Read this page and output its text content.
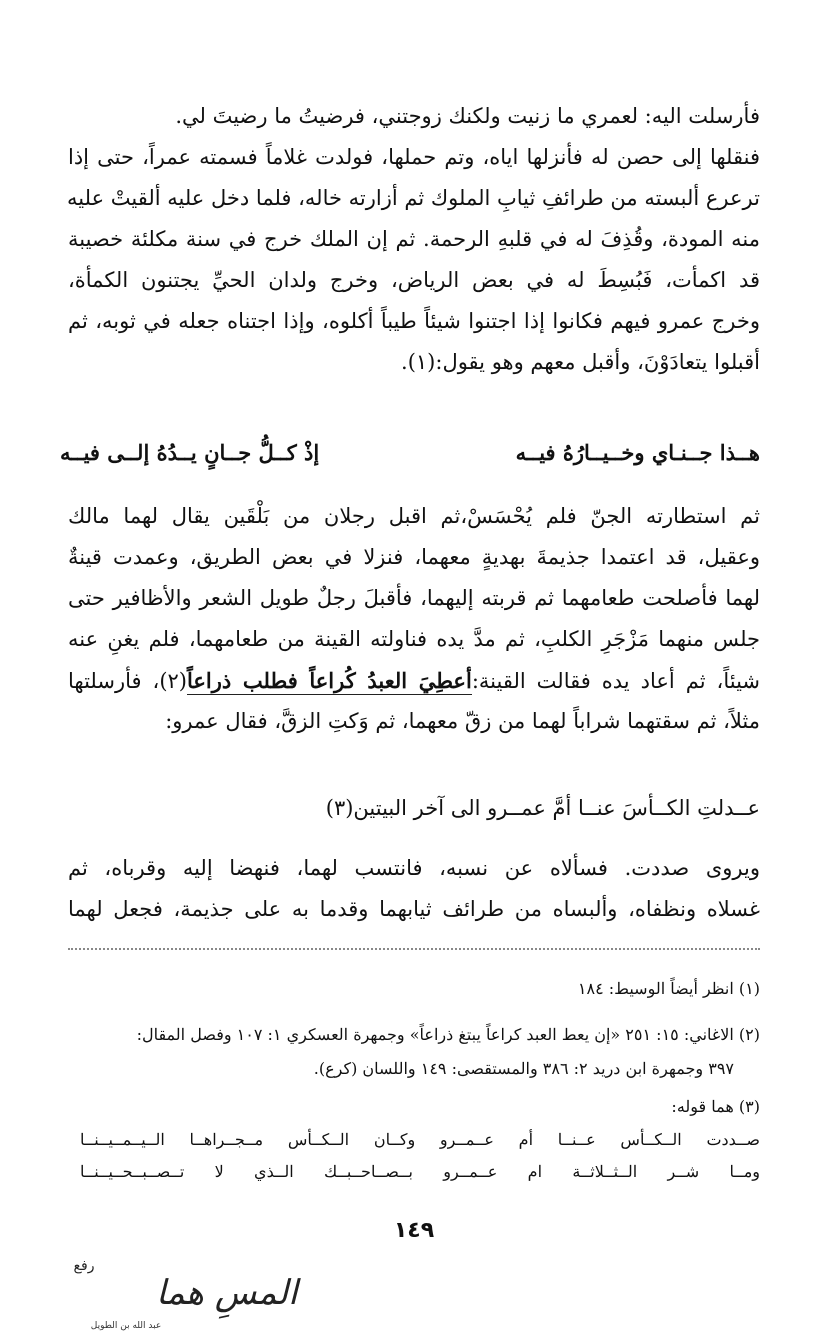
فأرسلت اليه: لعمري ما زنيت ولكنك زوجتني، فرضيتُ ما رضيتَ لي.
فنقلها إلى حصن له فأنزلها اياه، وتم حملها، فولدت غلاماً فسمته عمراً، حتى إذا
ترعرع ألبسته من طرائفِ ثيابِ الملوك ثم أزارته خاله، فلما دخل عليه ألقيتْ عليه
منه المودة، وقُذِفَ له في قلبهِ الرحمة. ثم إن الملك خرج في سنة مكلئة خصيبة
قد اكمأت، فَبُسِطَ له في بعض الرياض، وخرج ولدان الحيِّ يجتنون الكمأة،
وخرج عمرو فيهم فكانوا إذا اجتنوا شيئاً طيباً أكلوه، وإذا اجتناه جعله في ثوبه، ثم
أقبلوا يتعادَوْنَ، وأقبل معهم وهو يقول:(١).
هــذا جــنـاي وخــيــارُهُ فيــه
إذْ كــلُّ جــانٍ يــدُهُ إلــى فيــه
ثم استطارته الجنّ فلم يُحْسَسْ،ثم اقبل رجلان من بَلْقَين يقال لهما مالك
وعقيل، قد اعتمدا جذيمةَ بهديةٍ معهما، فنزلا في بعض الطريق، وعمدت قينةٌ
لهما فأصلحت طعامهما ثم قربته إليهما، فأقبلَ رجلٌ طويل الشعر والأظافير حتى
جلس منهما مَزْجَرِ الكلبِ، ثم مدَّ يده فناولته القينة من طعامهما، فلم يغنِ عنه
شيئاً، ثم أعاد يده فقالت القينة:أعطِيَ العبدُ كُراعاً فطلب ذراعاً(٢)، فأرسلتها
مثلاً، ثم سقتهما شراباً لهما من زقّ معهما، ثم وَكتِ الزقَّ، فقال عمرو:
عــدلتِ الكــأسَ عنــا أمَّ عمــرو الى آخر البيتين(٣)
ويروى صددت. فسألاه عن نسبه، فانتسب لهما، فنهضا إليه وقرباه، ثم
غسلاه ونظفاه، وألبساه من طرائف ثيابهما وقدما به على جذيمة، فجعل لهما
(١) انظر أيضاً الوسيط: ١٨٤
(٢) الاغاني: ١٥: ٢٥١ «إن يعط العبد كراعاً يبتغ ذراعاً» وجمهرة العسكري ١: ١٠٧ وفصل المقال:
٣٩٧ وجمهرة ابن دريد ٢: ٣٨٦ والمستقصى: ١٤٩ واللسان (كرع).
(٣) هما قوله:
صــددت الــكــأس عــنــا أم عــمــرو وكــان الــكــأس مــجــراهــا الــيــمــيــنــا
ومــا شــر الــثــلاثــة ام عــمــرو بــصــاحــبــك الــذي لا تــصــبــحــيــنــا
١٤٩
المسِ هما
رفع
عبد الله بن الطويل
